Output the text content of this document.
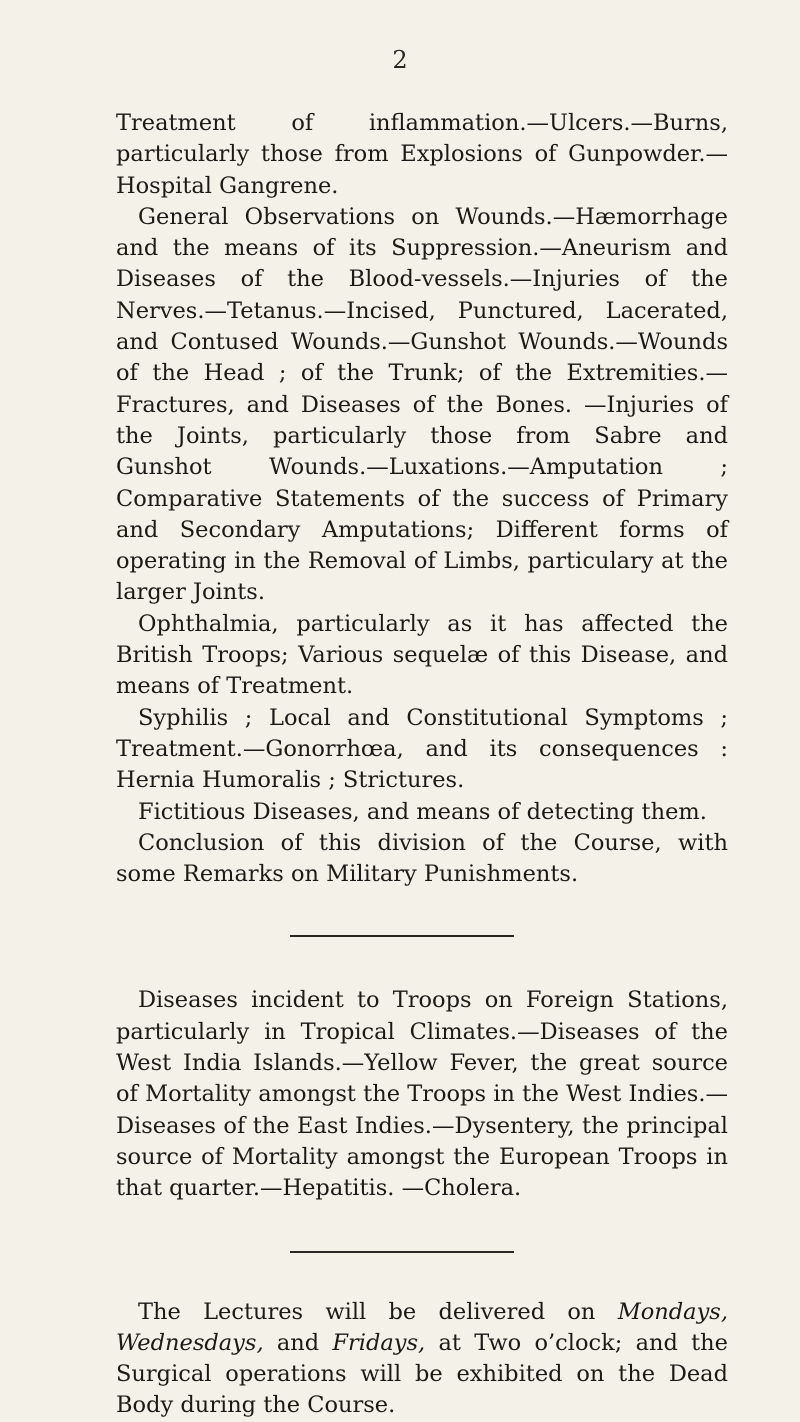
2

Treatment of inflammation.—Ulcers.—Burns, particularly those from Explosions of Gunpowder.—Hospital Gangrene.

General Observations on Wounds.—Hæmorrhage and the means of its Suppression.—Aneurism and Diseases of the Blood-vessels.—Injuries of the Nerves.—Tetanus.—Incised, Punctured, Lacerated, and Contused Wounds.—Gunshot Wounds.—Wounds of the Head ; of the Trunk; of the Extremities.—Fractures, and Diseases of the Bones. —Injuries of the Joints, particularly those from Sabre and Gunshot Wounds.—Luxations.—Amputation ; Comparative Statements of the success of Primary and Secondary Amputations; Different forms of operating in the Removal of Limbs, particulary at the larger Joints.

Ophthalmia, particularly as it has affected the British Troops; Various sequelæ of this Disease, and means of Treatment.

Syphilis ; Local and Constitutional Symptoms ; Treatment.—Gonorrhœa, and its consequences : Hernia Humoralis ; Strictures.

Fictitious Diseases, and means of detecting them.

Conclusion of this division of the Course, with some Remarks on Military Punishments.

Diseases incident to Troops on Foreign Stations, particularly in Tropical Climates.—Diseases of the West India Islands.—Yellow Fever, the great source of Mortality amongst the Troops in the West Indies.—Diseases of the East Indies.—Dysentery, the principal source of Mortality amongst the European Troops in that quarter.—Hepatitis. —Cholera.

The Lectures will be delivered on Mondays, Wednesdays, and Fridays, at Two o’clock; and the Surgical operations will be exhibited on the Dead Body during the Course.
